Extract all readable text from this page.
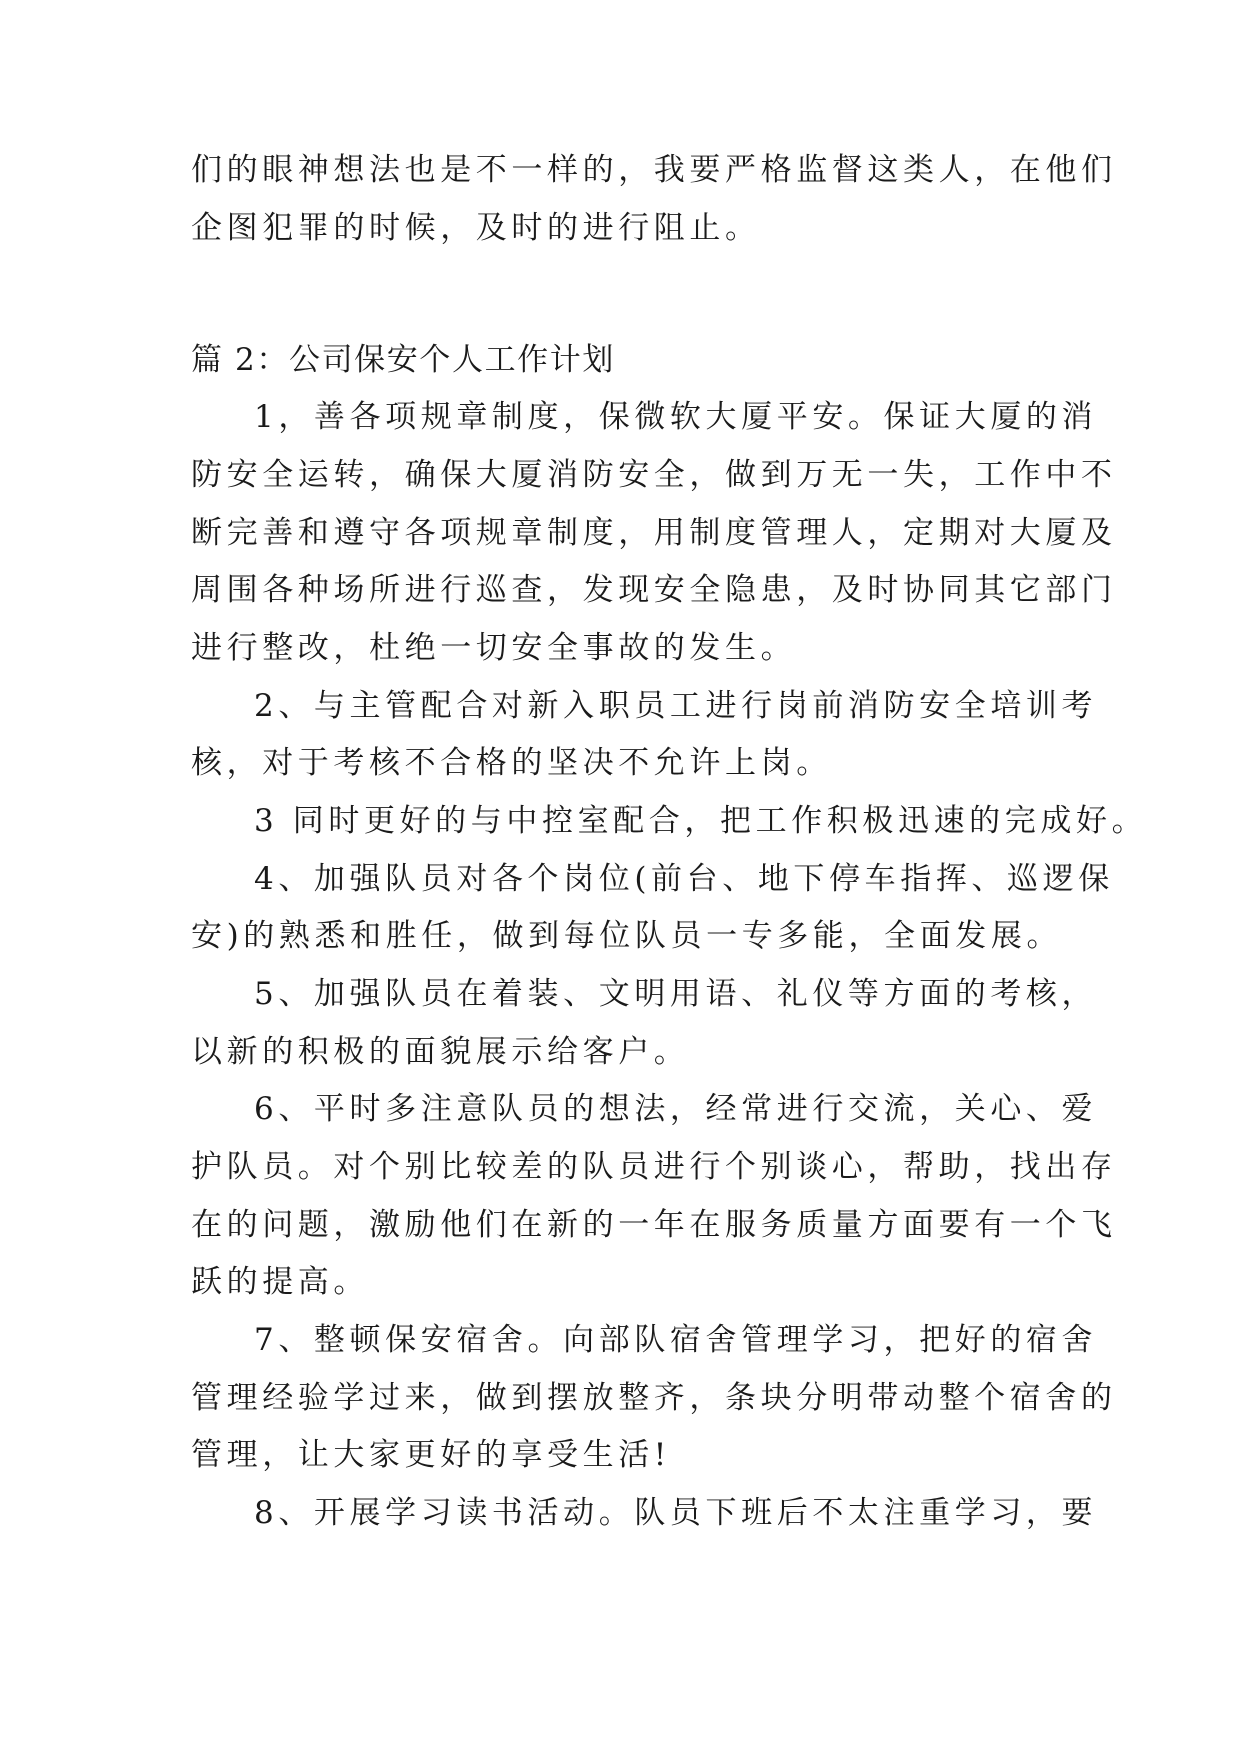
们的眼神想法也是不一样的，我要严格监督这类人，在他们
企图犯罪的时候，及时的进行阻止。
篇 2：公司保安个人工作计划
1，善各项规章制度，保微软大厦平安。保证大厦的消
防安全运转，确保大厦消防安全，做到万无一失，工作中不
断完善和遵守各项规章制度，用制度管理人，定期对大厦及
周围各种场所进行巡查，发现安全隐患，及时协同其它部门
进行整改，杜绝一切安全事故的发生。
2、与主管配合对新入职员工进行岗前消防安全培训考
核，对于考核不合格的坚决不允许上岗。
3 同时更好的与中控室配合，把工作积极迅速的完成好。
4、加强队员对各个岗位(前台、地下停车指挥、巡逻保
安)的熟悉和胜任，做到每位队员一专多能，全面发展。
5、加强队员在着装、文明用语、礼仪等方面的考核，
以新的积极的面貌展示给客户。
6、平时多注意队员的想法，经常进行交流，关心、爱
护队员。对个别比较差的队员进行个别谈心，帮助，找出存
在的问题，激励他们在新的一年在服务质量方面要有一个飞
跃的提高。
7、整顿保安宿舍。向部队宿舍管理学习，把好的宿舍
管理经验学过来，做到摆放整齐，条块分明带动整个宿舍的
管理，让大家更好的享受生活!
8、开展学习读书活动。队员下班后不太注重学习，要
